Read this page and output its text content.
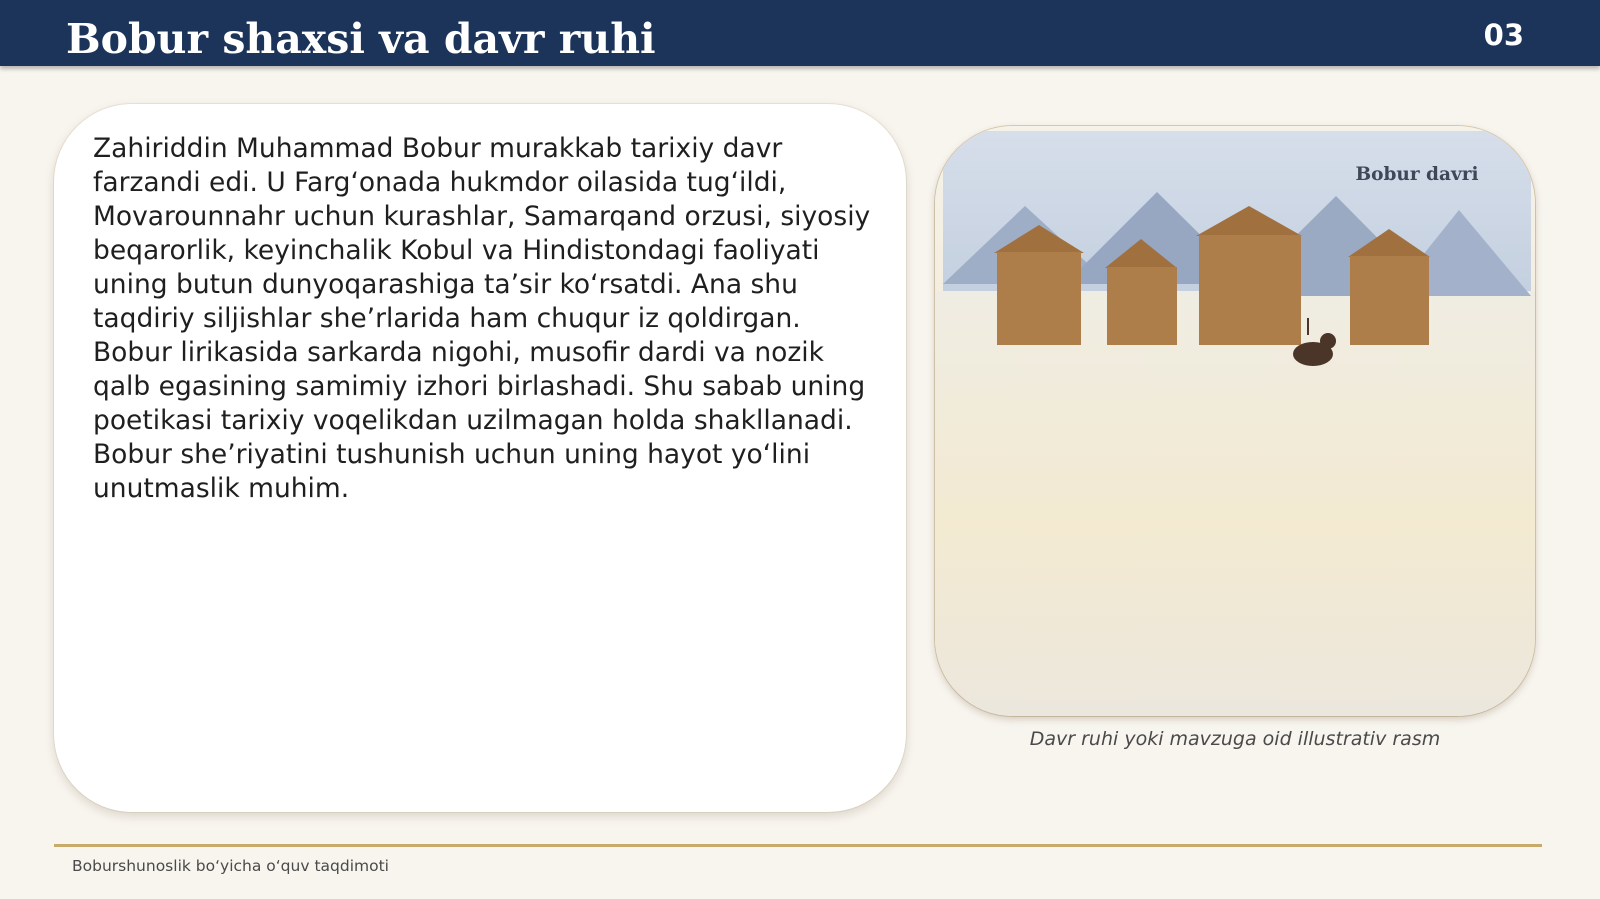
Bobur shaxsi va davr ruhi	03

Zahiriddin Muhammad Bobur murakkab tarixiy davr farzandi edi. U Farg‘onada hukmdor oilasida tug‘ildi, Movarounnahr uchun kurashlar, Samarqand orzusi, siyosiy beqarorlik, keyinchalik Kobul va Hindistondagi faoliyati uning butun dunyoqarashiga ta’sir ko‘rsatdi. Ana shu taqdiriy siljishlar she’rlarida ham chuqur iz qoldirgan. Bobur lirikasida sarkarda nigohi, musofir dardi va nozik qalb egasining samimiy izhori birlashadi. Shu sabab uning poetikasi tarixiy voqelikdan uzilmagan holda shakllanadi. Bobur she’riyatini tushunish uchun uning hayot yo‘lini unutmaslik muhim.

Bobur davri
Davr ruhi yoki mavzuga oid illustrativ rasm
Boburshunoslik bo‘yicha o‘quv taqdimoti
